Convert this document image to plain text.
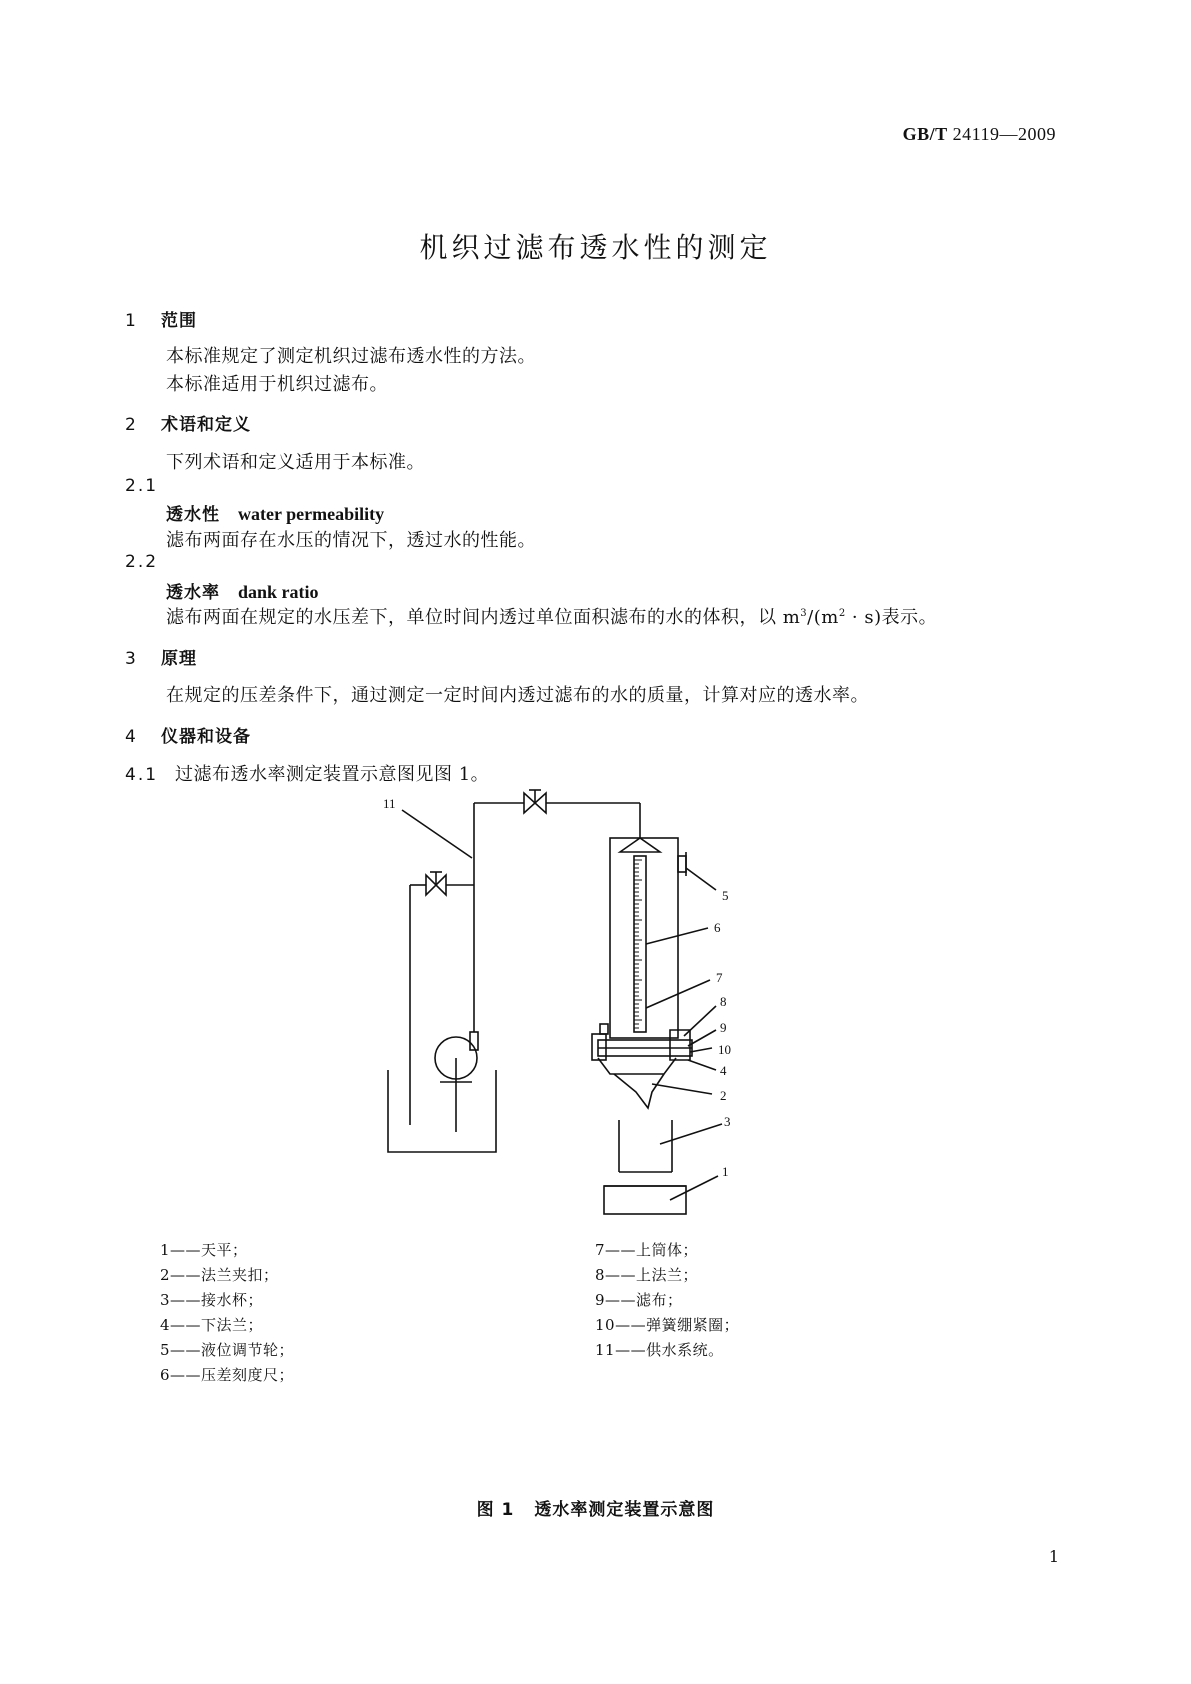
GB/T 24119—2009
机织过滤布透水性的测定
1 范围
本标准规定了测定机织过滤布透水性的方法。
本标准适用于机织过滤布。
2 术语和定义
下列术语和定义适用于本标准。
2.1
透水性 water permeability
滤布两面存在水压的情况下，透过水的性能。
2.2
透水率 dank ratio
滤布两面在规定的水压差下，单位时间内透过单位面积滤布的水的体积，以 $m^3/(m^2 \cdot s)$表示。
3 原理
在规定的压差条件下，通过测定一定时间内透过滤布的水的质量，计算对应的透水率。
4 仪器和设备
4.1 过滤布透水率测定装置示意图见图 1。
11
5
6
7
8
9
10
4
2
3
1
1——天平；
2——法兰夹扣；
3——接水杯；
4——下法兰；
5——液位调节轮；
6——压差刻度尺；
7——上筒体；
8——上法兰；
9——滤布；
10——弹簧绷紧圈；
11——供水系统。
图 1 透水率测定装置示意图
1
